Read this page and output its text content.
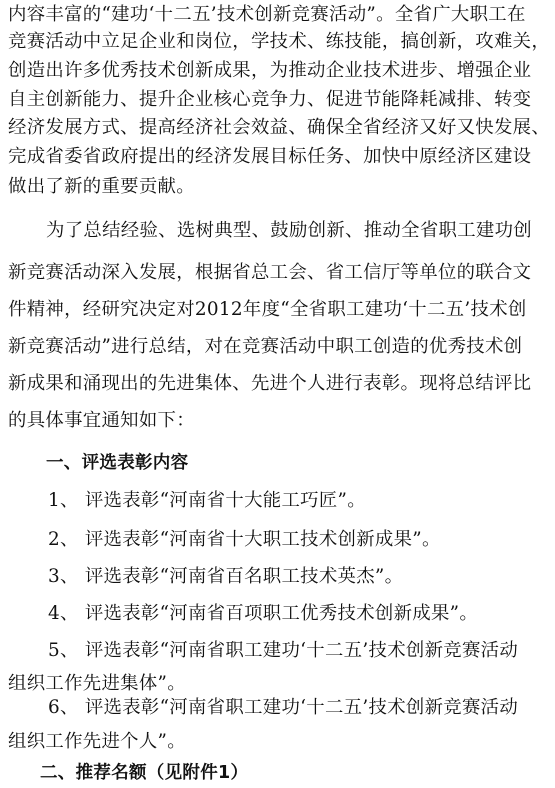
内容丰富的“建功‘十二五’技术创新竞赛活动”。全省广大职工在
竞赛活动中立足企业和岗位，学技术、练技能，搞创新，攻难关，
创造出许多优秀技术创新成果，为推动企业技术进步、增强企业
自主创新能力、提升企业核心竞争力、促进节能降耗减排、转变
经济发展方式、提高经济社会效益、确保全省经济又好又快发展、
完成省委省政府提出的经济发展目标任务、加快中原经济区建设
做出了新的重要贡献。
为了总结经验、选树典型、鼓励创新、推动全省职工建功创
新竞赛活动深入发展，根据省总工会、省工信厅等单位的联合文
件精神，经研究决定对2012年度“全省职工建功‘十二五’技术创
新竞赛活动”进行总结，对在竞赛活动中职工创造的优秀技术创
新成果和涌现出的先进集体、先进个人进行表彰。现将总结评比
的具体事宜通知如下：
一、评选表彰内容
1、 评选表彰“河南省十大能工巧匠”。
2、 评选表彰“河南省十大职工技术创新成果”。
3、 评选表彰“河南省百名职工技术英杰”。
4、 评选表彰“河南省百项职工优秀技术创新成果”。
5、 评选表彰“河南省职工建功‘十二五’技术创新竞赛活动
组织工作先进集体”。
6、 评选表彰“河南省职工建功‘十二五’技术创新竞赛活动
组织工作先进个人”。
二、推荐名额（见附件1）
